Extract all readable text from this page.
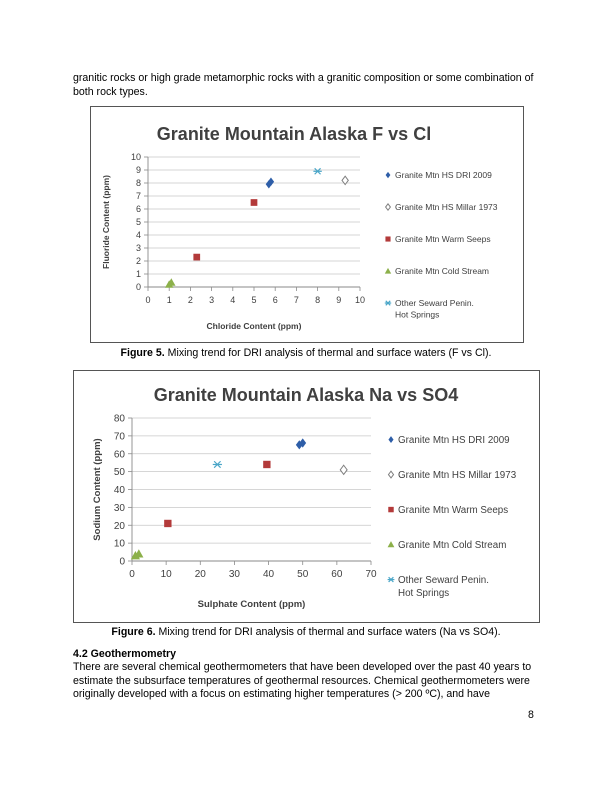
granitic rocks or high grade metamorphic rocks with a granitic composition or some combination of both rock types.
Granite Mountain Alaska F vs Cl
0
1
2
3
4
5
6
7
8
9
10
0 1 2 3 4 5 6 7 8 9 10
Chloride Content (ppm)
Fluoride Content (ppm)
Granite Mtn HS DRI 2009
Granite Mtn HS Millar 1973
Granite Mtn Warm Seeps
Granite Mtn Cold Stream
Other Seward Penin. Hot Springs
Figure 5. Mixing trend for DRI analysis of thermal and surface waters (F vs Cl).
Granite Mountain Alaska Na vs SO4
0
10
20
30
40
50
60
70
80
0	10 20 30 40 50 60 70
Sulphate Content (ppm)
Sodium Content (ppm)	Granite Mtn HS DRI 2009
Granite Mtn HS Millar 1973
Granite Mtn Warm Seeps
Granite Mtn Cold Stream
Other Seward Penin. Hot Springs
Figure 6. Mixing trend for DRI analysis of thermal and surface waters (Na vs SO4).
4.2 Geothermometry
There are several chemical geothermometers that have been developed over the past 40 years to estimate the subsurface temperatures of geothermal resources. Chemical geothermometers were originally developed with a focus on estimating higher temperatures (> 200 ºC), and have
8
